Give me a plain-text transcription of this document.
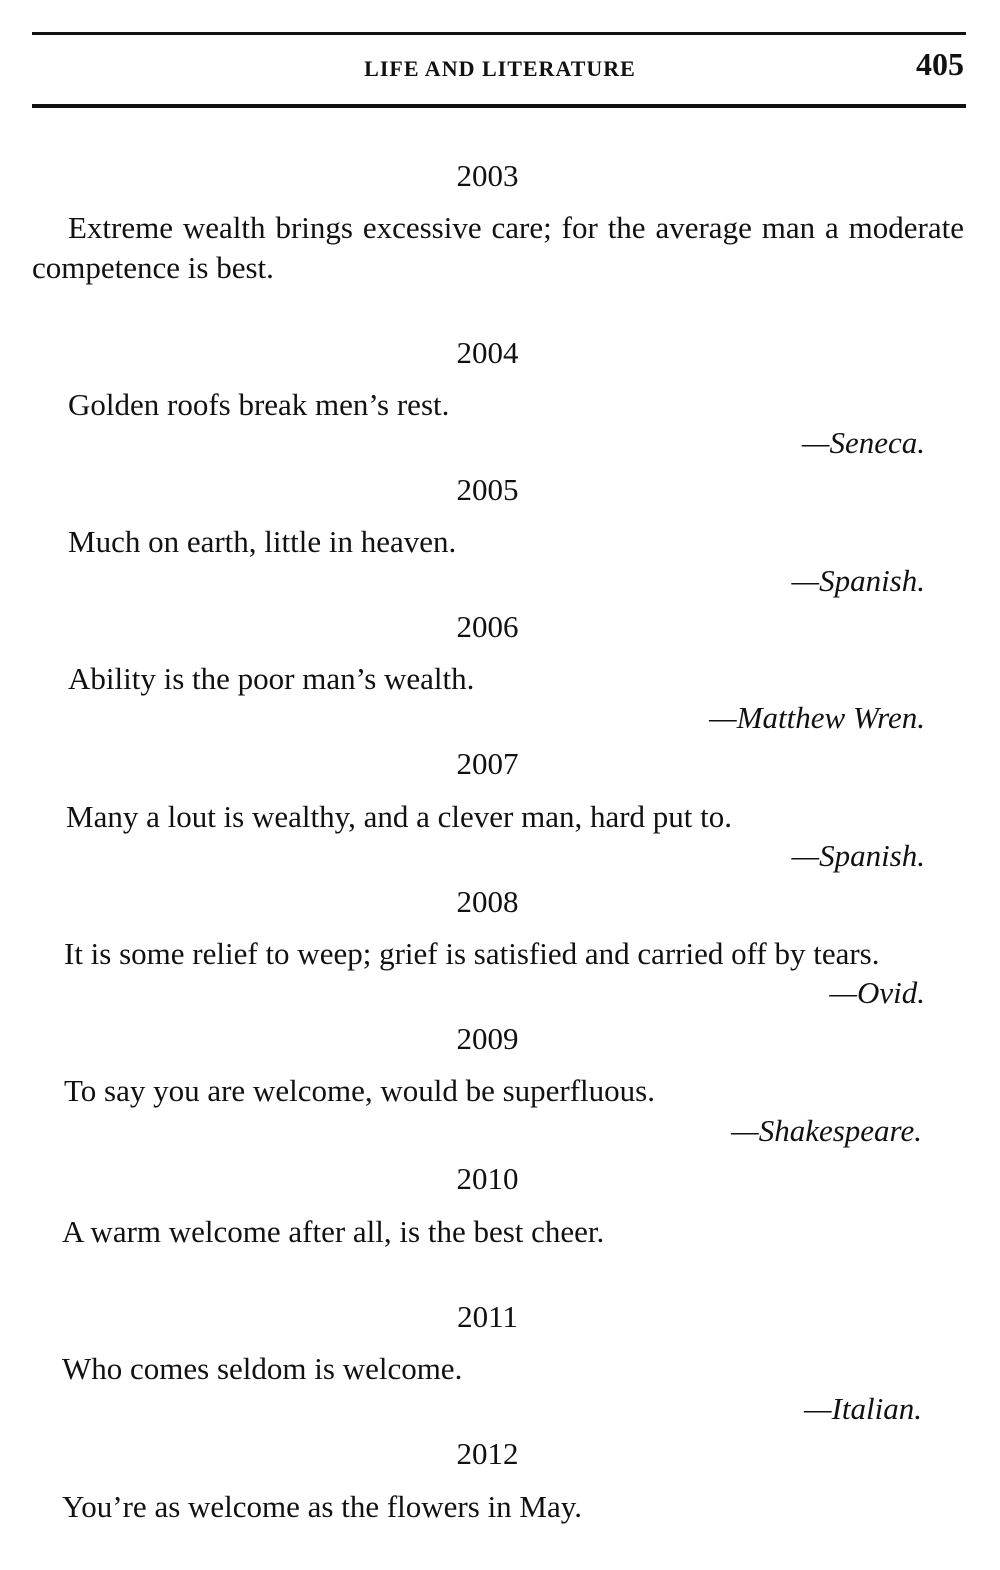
LIFE AND LITERATURE	405
2003
Extreme wealth brings excessive care; for the average man a moderate competence is best.
2004
Golden roofs break men’s rest.
—Seneca.
2005
Much on earth, little in heaven.
—Spanish.
2006
Ability is the poor man’s wealth.
—Matthew Wren.
2007
Many a lout is wealthy, and a clever man, hard put to.
—Spanish.
2008
It is some relief to weep; grief is satisfied and carried off by tears.
—Ovid.
2009
To say you are welcome, would be superfluous.
—Shakespeare.
2010
A warm welcome after all, is the best cheer.
2011
Who comes seldom is welcome.
—Italian.
2012
You’re as welcome as the flowers in May.
